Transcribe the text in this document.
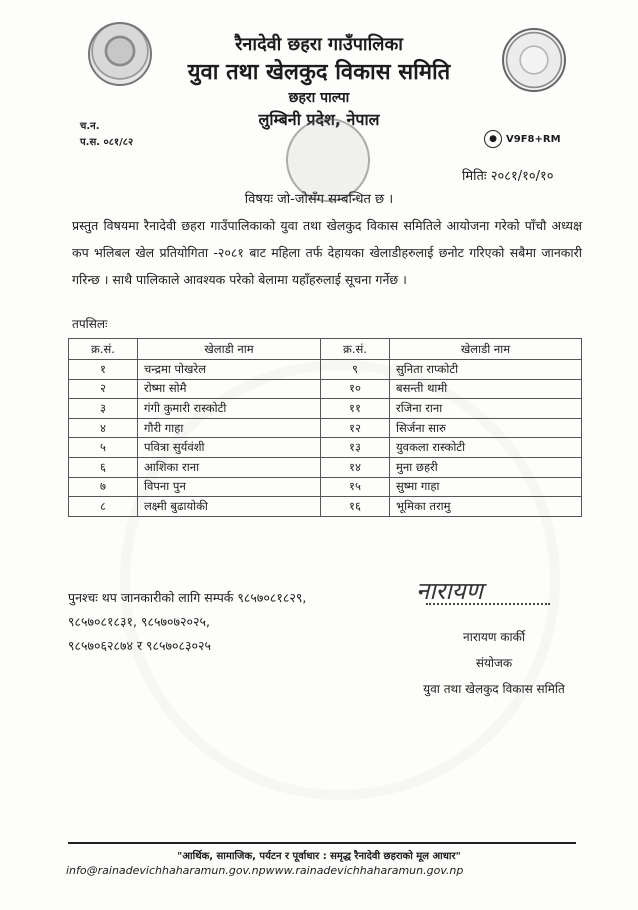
रैनादेवी छहरा गाउँपालिका
युवा तथा खेलकुद विकास समिति
छहरा पाल्पा
लुम्बिनी प्रदेश, नेपाल
च.न.
प.स. ०८१/८२	● V9F8+RM
मितिः २०८१/१०/१०
विषयः जो-जोसँग सम्बन्धित छ ।
प्रस्तुत विषयमा रैनादेवी छहरा गाउँपालिकाको युवा तथा खेलकुद विकास समितिले आयोजना गरेको पाँचौ अध्यक्ष कप भलिबल खेल प्रतियोगिता -२०८१ बाट महिला तर्फ देहायका खेलाडीहरुलाई छनोट गरिएको सबैमा जानकारी गरिन्छ । साथै पालिकाले आवश्यक परेको बेलामा यहाँहरुलाई सूचना गर्नेछ ।
तपसिलः
क्र.सं.	खेलाडी नाम	क्र.सं.	खेलाडी नाम
१	चन्द्रमा पोखरेल	९	सुनिता राप्कोटी
२	रोष्मा सोमै	१०	बसन्ती थामी
३	गंगी कुमारी रास्कोटी	११	रजिना राना
४	गौरी गाहा	१२	सिर्जना सारु
५	पवित्रा सुर्यवंशी	१३	युवकला रास्कोटी
६	आशिका राना	१४	मुना छहरी
७	विपना पुन	१५	सुष्मा गाहा
८	लक्ष्मी बुढायोकी	१६	भूमिका तरामु
पुनश्चः थप जानकारीको लागि सम्पर्क ९८५७०८१८२९,
९८५७०८१८३१, ९८५७०७२०२५,
९८५७०६२८७४ र ९८५७०८३०२५
नारायण
नारायण कार्की
संयोजक
युवा तथा खेलकुद विकास समिति
"आर्थिक, सामाजिक, पर्यटन र पूर्वाधार : समृद्ध रैनादेवी छहराको मूल आधार"
info@rainadevichhaharamun.gov.npwww.rainadevichhaharamun.gov.np
